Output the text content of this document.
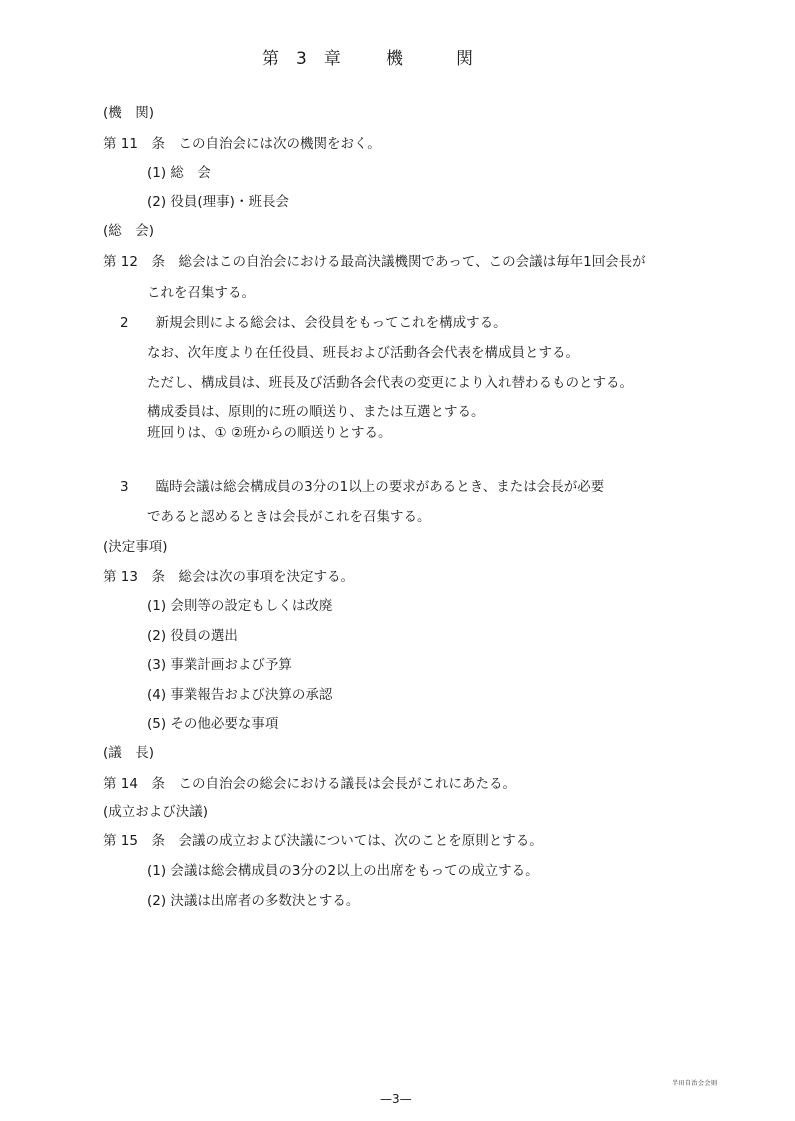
第　3　章	機	関
(機　関)
第 11　条　この自治会には次の機関をおく。
(1) 総　会
(2) 役員(理事)・班長会
(総　会)
第 12　条　総会はこの自治会における最高決議機関であって、この会議は毎年1回会長が
これを召集する。
2　　新規会則による総会は、会役員をもってこれを構成する。
なお、次年度より在任役員、班長および活動各会代表を構成員とする。
ただし、構成員は、班長及び活動各会代表の変更により入れ替わるものとする。
構成委員は、原則的に班の順送り、または互選とする。
班回りは、① ②班からの順送りとする。
3　　臨時会議は総会構成員の3分の1以上の要求があるとき、または会長が必要
であると認めるときは会長がこれを召集する。
(決定事項)
第 13　条　総会は次の事項を決定する。
(1) 会則等の設定もしくは改廃
(2) 役員の選出
(3) 事業計画および予算
(4) 事業報告および決算の承認
(5) その他必要な事項
(議　長)
第 14　条　この自治会の総会における議長は会長がこれにあたる。
(成立および決議)
第 15　条　会議の成立および決議については、次のことを原則とする。
(1) 会議は総会構成員の3分の2以上の出席をもっての成立する。
(2) 決議は出席者の多数決とする。
半田自治会会則
—3—
